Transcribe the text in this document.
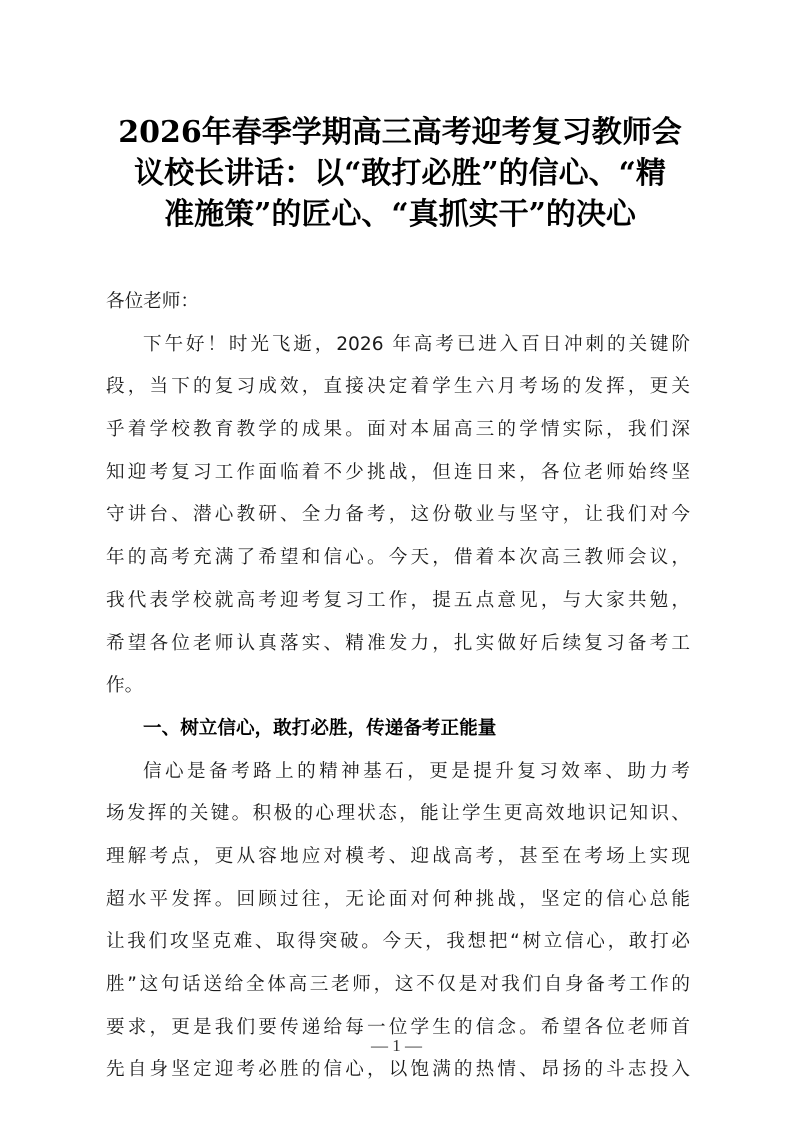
2026年春季学期高三高考迎考复习教师会
议校长讲话：以“敢打必胜”的信心、“精
准施策”的匠心、“真抓实干”的决心
各位老师：
下午好！时光飞逝，2026 年高考已进入百日冲刺的关键阶
段，当下的复习成效，直接决定着学生六月考场的发挥，更关
乎着学校教育教学的成果。面对本届高三的学情实际，我们深
知迎考复习工作面临着不少挑战，但连日来，各位老师始终坚
守讲台、潜心教研、全力备考，这份敬业与坚守，让我们对今
年的高考充满了希望和信心。今天，借着本次高三教师会议，
我代表学校就高考迎考复习工作，提五点意见，与大家共勉，
希望各位老师认真落实、精准发力，扎实做好后续复习备考工
作。
一、树立信心，敢打必胜，传递备考正能量
信心是备考路上的精神基石，更是提升复习效率、助力考
场发挥的关键。积极的心理状态，能让学生更高效地识记知识、
理解考点，更从容地应对模考、迎战高考，甚至在考场上实现
超水平发挥。回顾过往，无论面对何种挑战，坚定的信心总能
让我们攻坚克难、取得突破。今天，我想把“树立信心，敢打必
胜”这句话送给全体高三老师，这不仅是对我们自身备考工作的
要求，更是我们要传递给每一位学生的信念。希望各位老师首
先自身坚定迎考必胜的信心，以饱满的热情、昂扬的斗志投入
— 1 —
